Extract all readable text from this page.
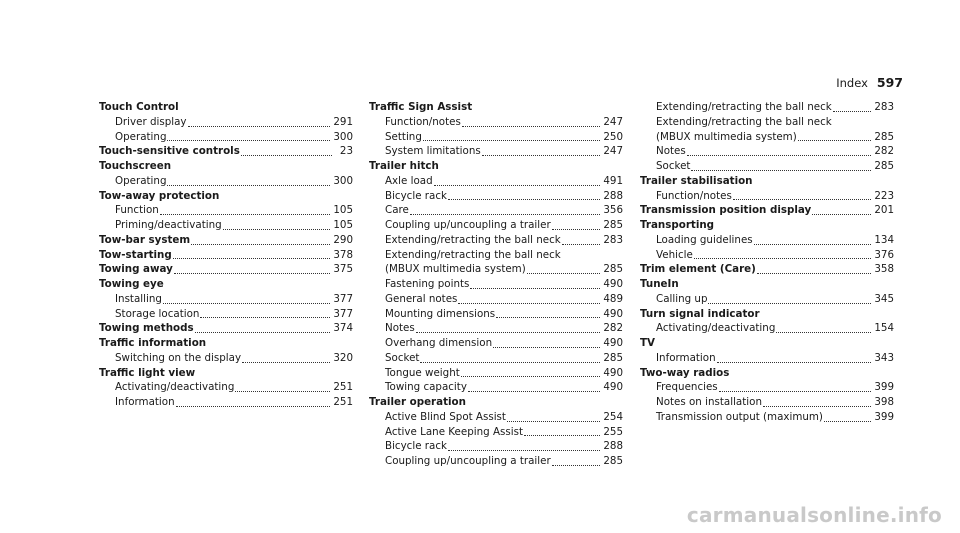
Index 597
Touch Control
Driver display	291
Operating	300
Touch-sensitive controls	23
Touchscreen
Operating	300
Tow-away protection
Function	105
Priming/deactivating	105
Tow-bar system	290
Tow-starting	378
Towing away	375
Towing eye
Installing	377
Storage location	377
Towing methods	374
Traffic information
Switching on the display	320
Traffic light view
Activating/deactivating	251
Information	251
Traffic Sign Assist
Function/notes	247
Setting	250
System limitations	247
Trailer hitch
Axle load	491
Bicycle rack	288
Care	356
Coupling up/uncoupling a trailer	285
Extending/retracting the ball neck	283
Extending/retracting the ball neck
(MBUX multimedia system)	285
Fastening points	490
General notes	489
Mounting dimensions	490
Notes	282
Overhang dimension	490
Socket	285
Tongue weight	490
Towing capacity	490
Trailer operation
Active Blind Spot Assist	254
Active Lane Keeping Assist	255
Bicycle rack	288
Coupling up/uncoupling a trailer	285
Extending/retracting the ball neck	283
Extending/retracting the ball neck
(MBUX multimedia system)	285
Notes	282
Socket	285
Trailer stabilisation
Function/notes	223
Transmission position display	201
Transporting
Loading guidelines	134
Vehicle	376
Trim element (Care)	358
TuneIn
Calling up	345
Turn signal indicator
Activating/deactivating	154
TV
Information	343
Two-way radios
Frequencies	399
Notes on installation	398
Transmission output (maximum)	399
carmanualsonline.info
